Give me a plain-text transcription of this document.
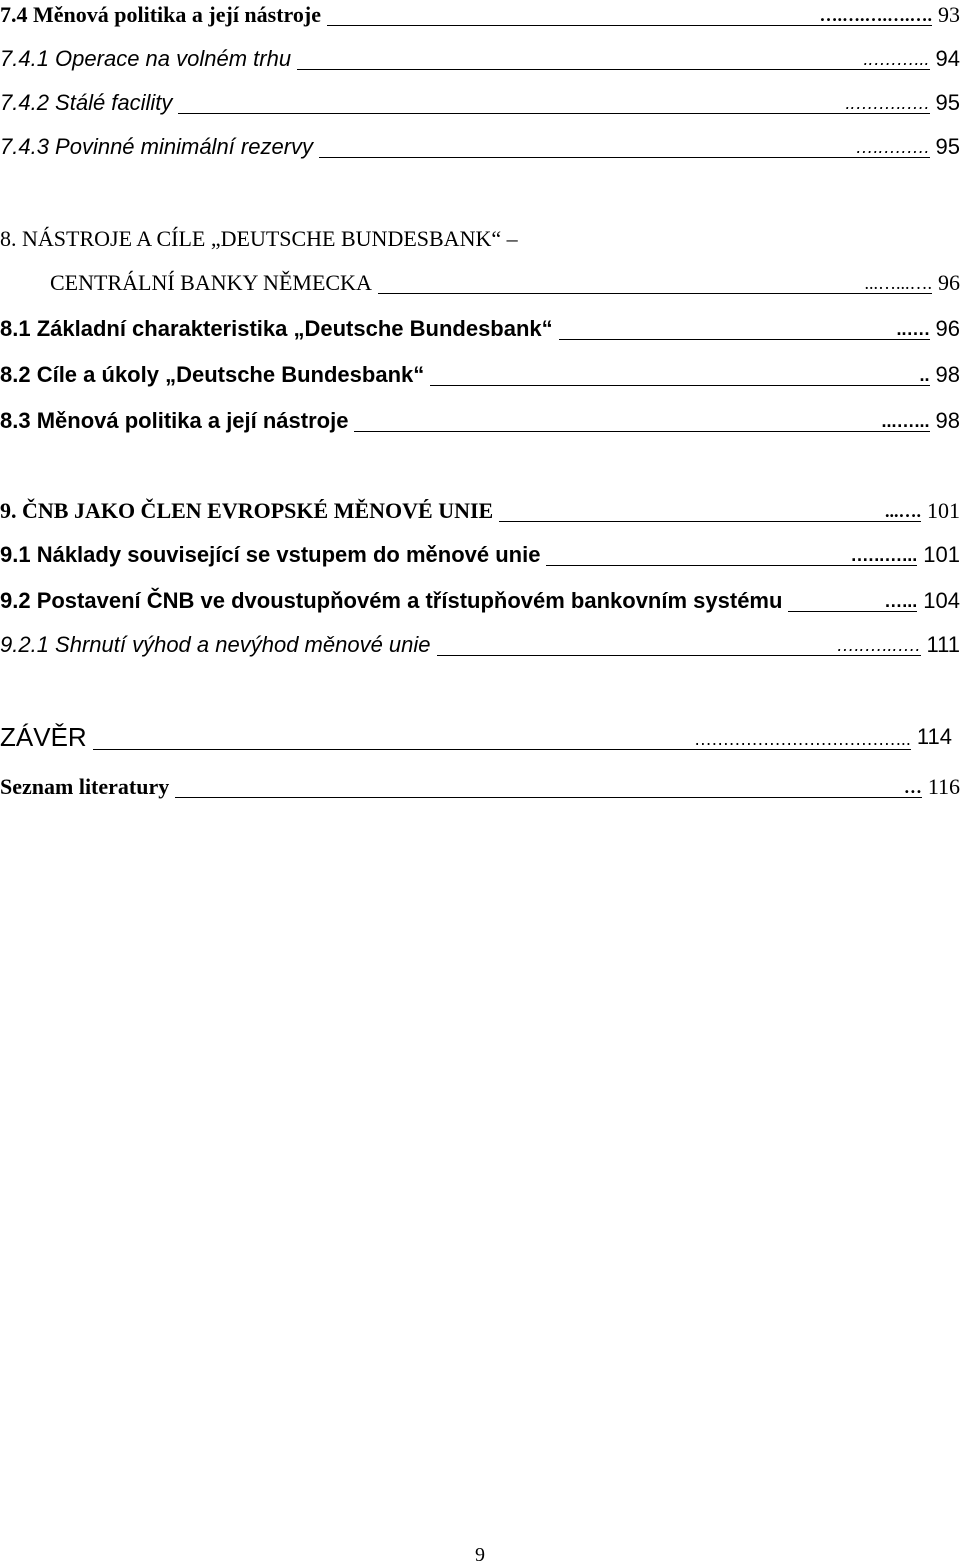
7.4 Měnová politika a její nástroje	….….….….…. 93
7.4.1 Operace na volném trhu	..….…... 94
7.4.2 Stálé facility	..….…..…. 95
7.4.3 Povinné minimální rezervy	…..….…. 95
8. NÁSTROJE A CÍLE „DEUTSCHE BUNDESBANK“ –
CENTRÁLNÍ BANKY NĚMECKA	...…...…. 96
8.1 Základní charakteristika „Deutsche Bundesbank“	..…. 96
8.2 Cíle a úkoly „Deutsche Bundesbank“	.. 98
8.3 Měnová politika a její nástroje	...…... 98
9. ČNB JAKO ČLEN EVROPSKÉ MĚNOVÉ UNIE	...…. 101
9.1 Náklady související se vstupem do měnové unie	.…..…... 101
9.2 Postavení ČNB ve dvoustupňovém a třístupňovém bankovním systému	…... 104
9.2.1 Shrnutí výhod a nevýhod měnové unie	…..…...…. 111
ZÁVĚR	….….….….….….….….…... 114
Seznam literatury	… 116
9
